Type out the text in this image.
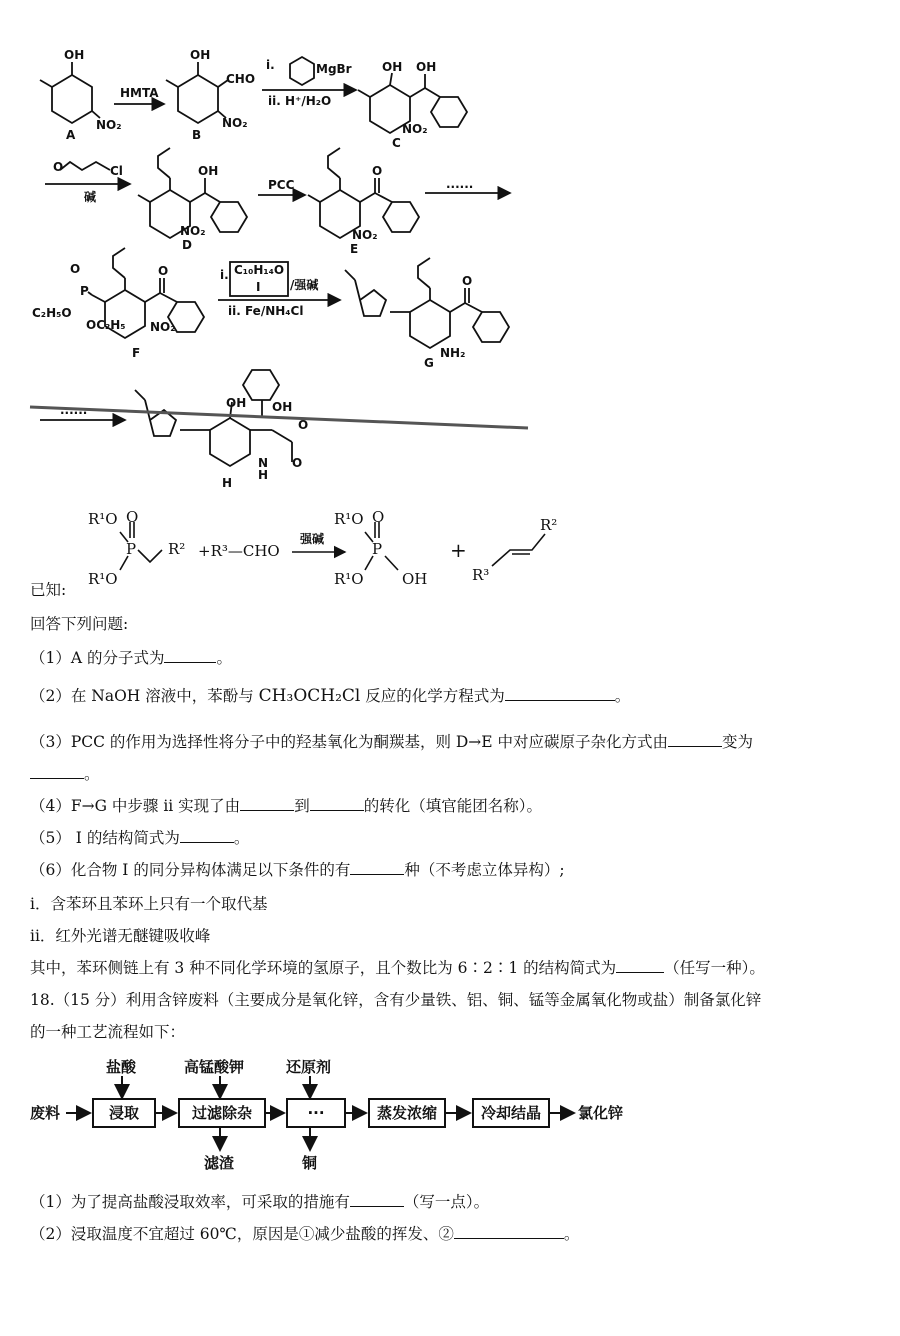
A
OH
NO₂
HMTA
B
OH
CHO
NO₂
i.	MgBr
ii. H⁺/H₂O
OH OH
NO₂
C
O	Cl
碱
OH
NO₂
D
PCC
O
NO₂
E
······
P
O
C₂H₅O
OC₂H₅
O
NO₂
F
i. C₁₀H₁₄O
I /强碱
ii. Fe/NH₄Cl
O
NH₂
G
······
OH OH
O
N
H
O
H
已知:
R¹O O
P
R¹O
R² +R³—CHO
强碱
R¹O O
P
R¹O	OH
+
R²
R³
回答下列问题:
（1）A 的分子式为	。
（2）在 NaOH 溶液中，苯酚与 CH₃OCH₂Cl 反应的化学方程式为	。
（3）PCC 的作用为选择性将分子中的羟基氧化为酮羰基，则 D→E 中对应碳原子杂化方式由	变为
。
（4）F→G 中步骤 ii 实现了由	到	的转化（填官能团名称）。
（5） I 的结构简式为	。
（6）化合物 I 的同分异构体满足以下条件的有	种（不考虑立体异构）;
i．含苯环且苯环上只有一个取代基
ii．红外光谱无醚键吸收峰
其中，苯环侧链上有 3 种不同化学环境的氢原子，且个数比为 6∶2∶1 的结构简式为	（任写一种）。
18.（15 分）利用含锌废料（主要成分是氧化锌，含有少量铁、铝、铜、锰等金属氧化物或盐）制备氯化锌
的一种工艺流程如下：
废料	浸取	过滤除杂	···	蒸发浓缩	冷却结晶	氯化锌
盐酸	高锰酸钾	还原剂
滤渣	铜
（1）为了提高盐酸浸取效率，可采取的措施有	（写一点）。
（2）浸取温度不宜超过 60℃，原因是①减少盐酸的挥发、②	。
